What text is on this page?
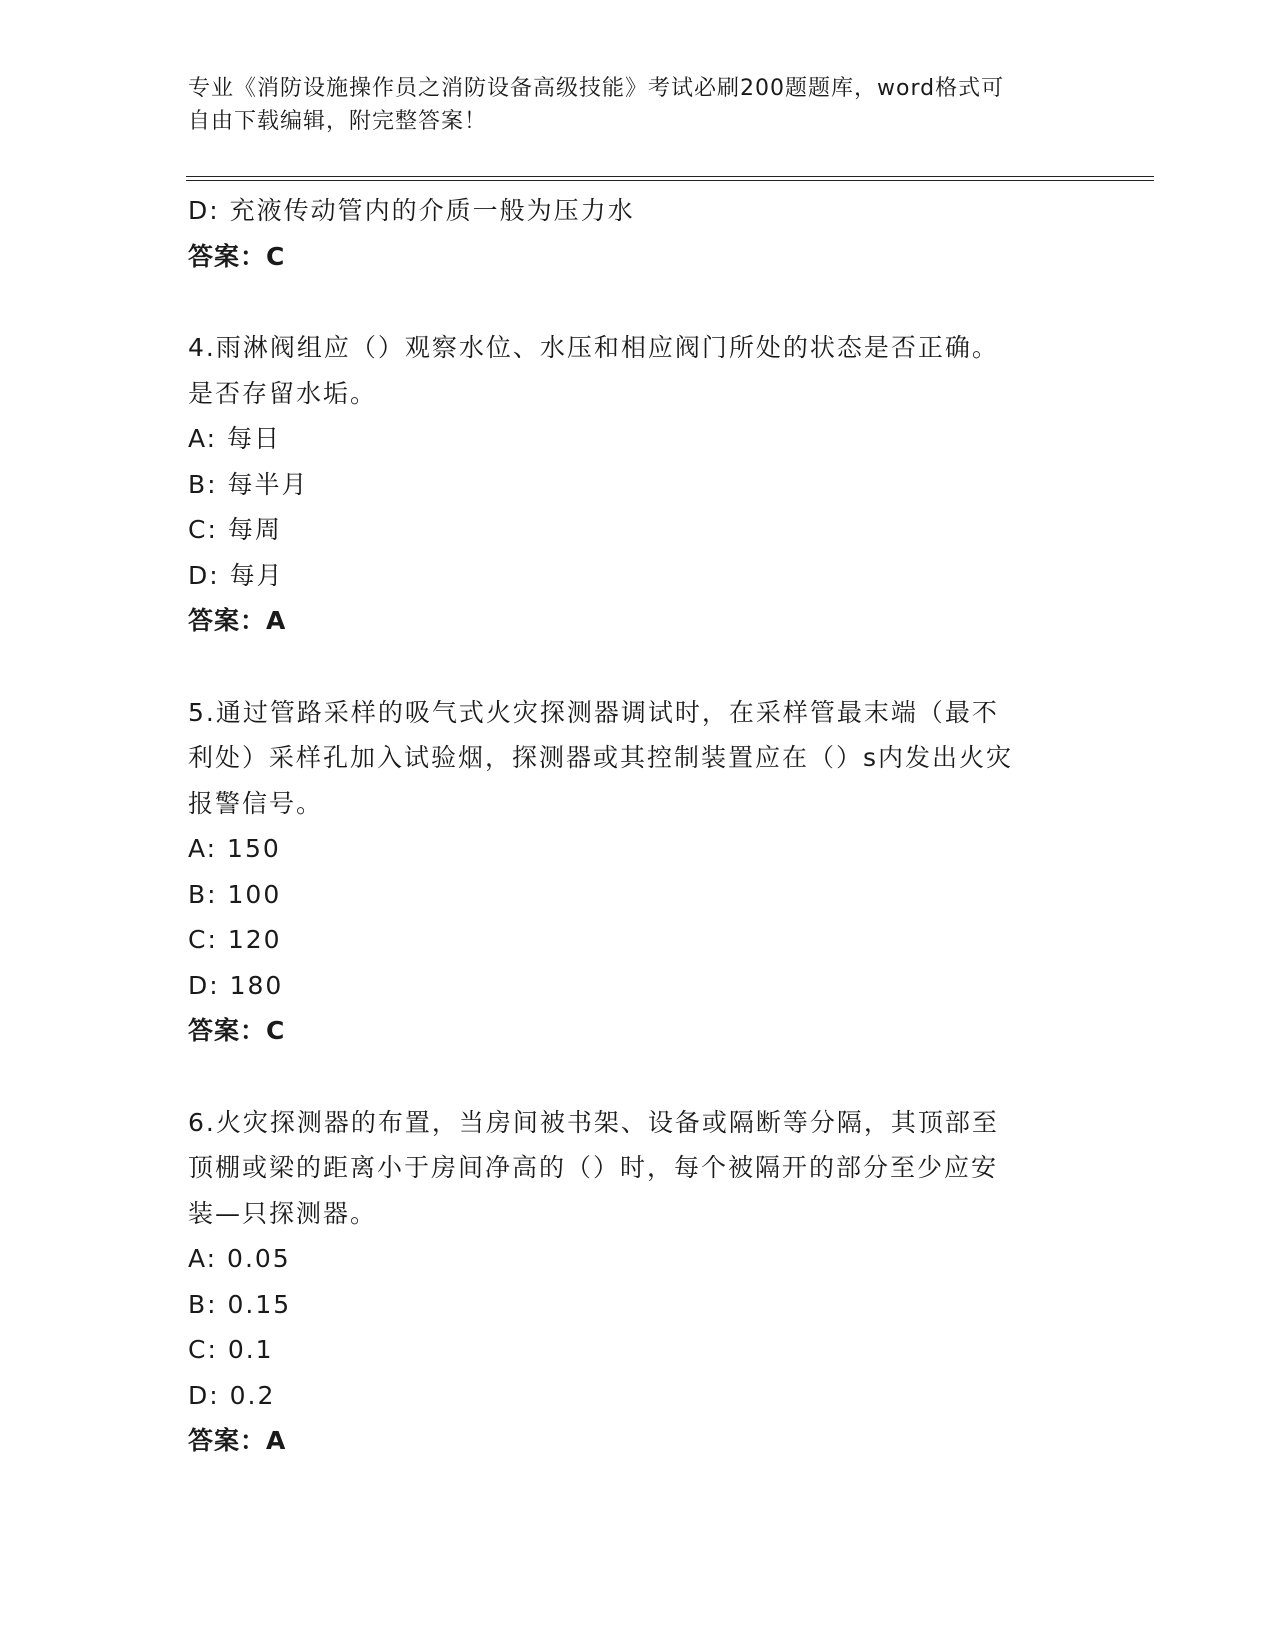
专业《消防设施操作员之消防设备高级技能》考试必刷200题题库，word格式可
自由下载编辑，附完整答案！
D: 充液传动管内的介质一般为压力水
答案：C
4.雨淋阀组应（）观察水位、水压和相应阀门所处的状态是否正确。
是否存留水垢。
A: 每日
B: 每半月
C: 每周
D: 每月
答案：A
5.通过管路采样的吸气式火灾探测器调试时，在采样管最末端（最不
利处）采样孔加入试验烟，探测器或其控制装置应在（）s内发出火灾
报警信号。
A: 150
B: 100
C: 120
D: 180
答案：C
6.火灾探测器的布置，当房间被书架、设备或隔断等分隔，其顶部至
顶棚或梁的距离小于房间净高的（）时，每个被隔开的部分至少应安
装—只探测器。
A: 0.05
B: 0.15
C: 0.1
D: 0.2
答案：A
